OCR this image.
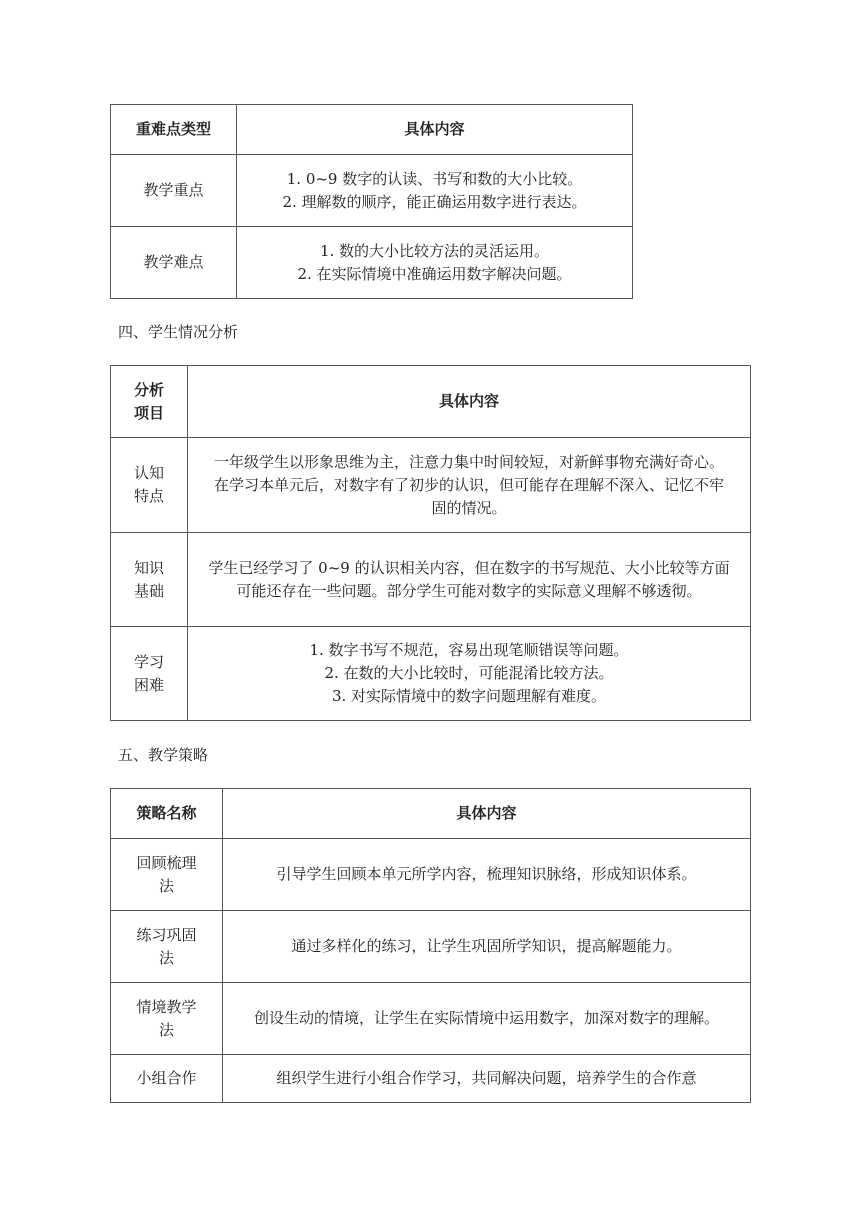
重难点类型	具体内容
教学重点	1. 0~9 数字的认读、书写和数的大小比较。
2. 理解数的顺序，能正确运用数字进行表达。

教学难点	1. 数的大小比较方法的灵活运用。
2. 在实际情境中准确运用数字解决问题。
四、学生情况分析
分析项目	具体内容
认知特点	一年级学生以形象思维为主，注意力集中时间较短，对新鲜事物充满好奇心。在学习本单元后，对数字有了初步的认识，但可能存在理解不深入、记忆不牢固的情况。
知识基础	学生已经学习了 0~9 的认识相关内容，但在数字的书写规范、大小比较等方面可能还存在一些问题。部分学生可能对数字的实际意义理解不够透彻。
学习困难	1. 数字书写不规范，容易出现笔顺错误等问题。
2. 在数的大小比较时，可能混淆比较方法。
3. 对实际情境中的数字问题理解有难度。
五、教学策略
策略名称	具体内容
回顾梳理法	引导学生回顾本单元所学内容，梳理知识脉络，形成知识体系。
练习巩固法	通过多样化的练习，让学生巩固所学知识，提高解题能力。
情境教学法	创设生动的情境，让学生在实际情境中运用数字，加深对数字的理解。
小组合作	组织学生进行小组合作学习，共同解决问题，培养学生的合作意
